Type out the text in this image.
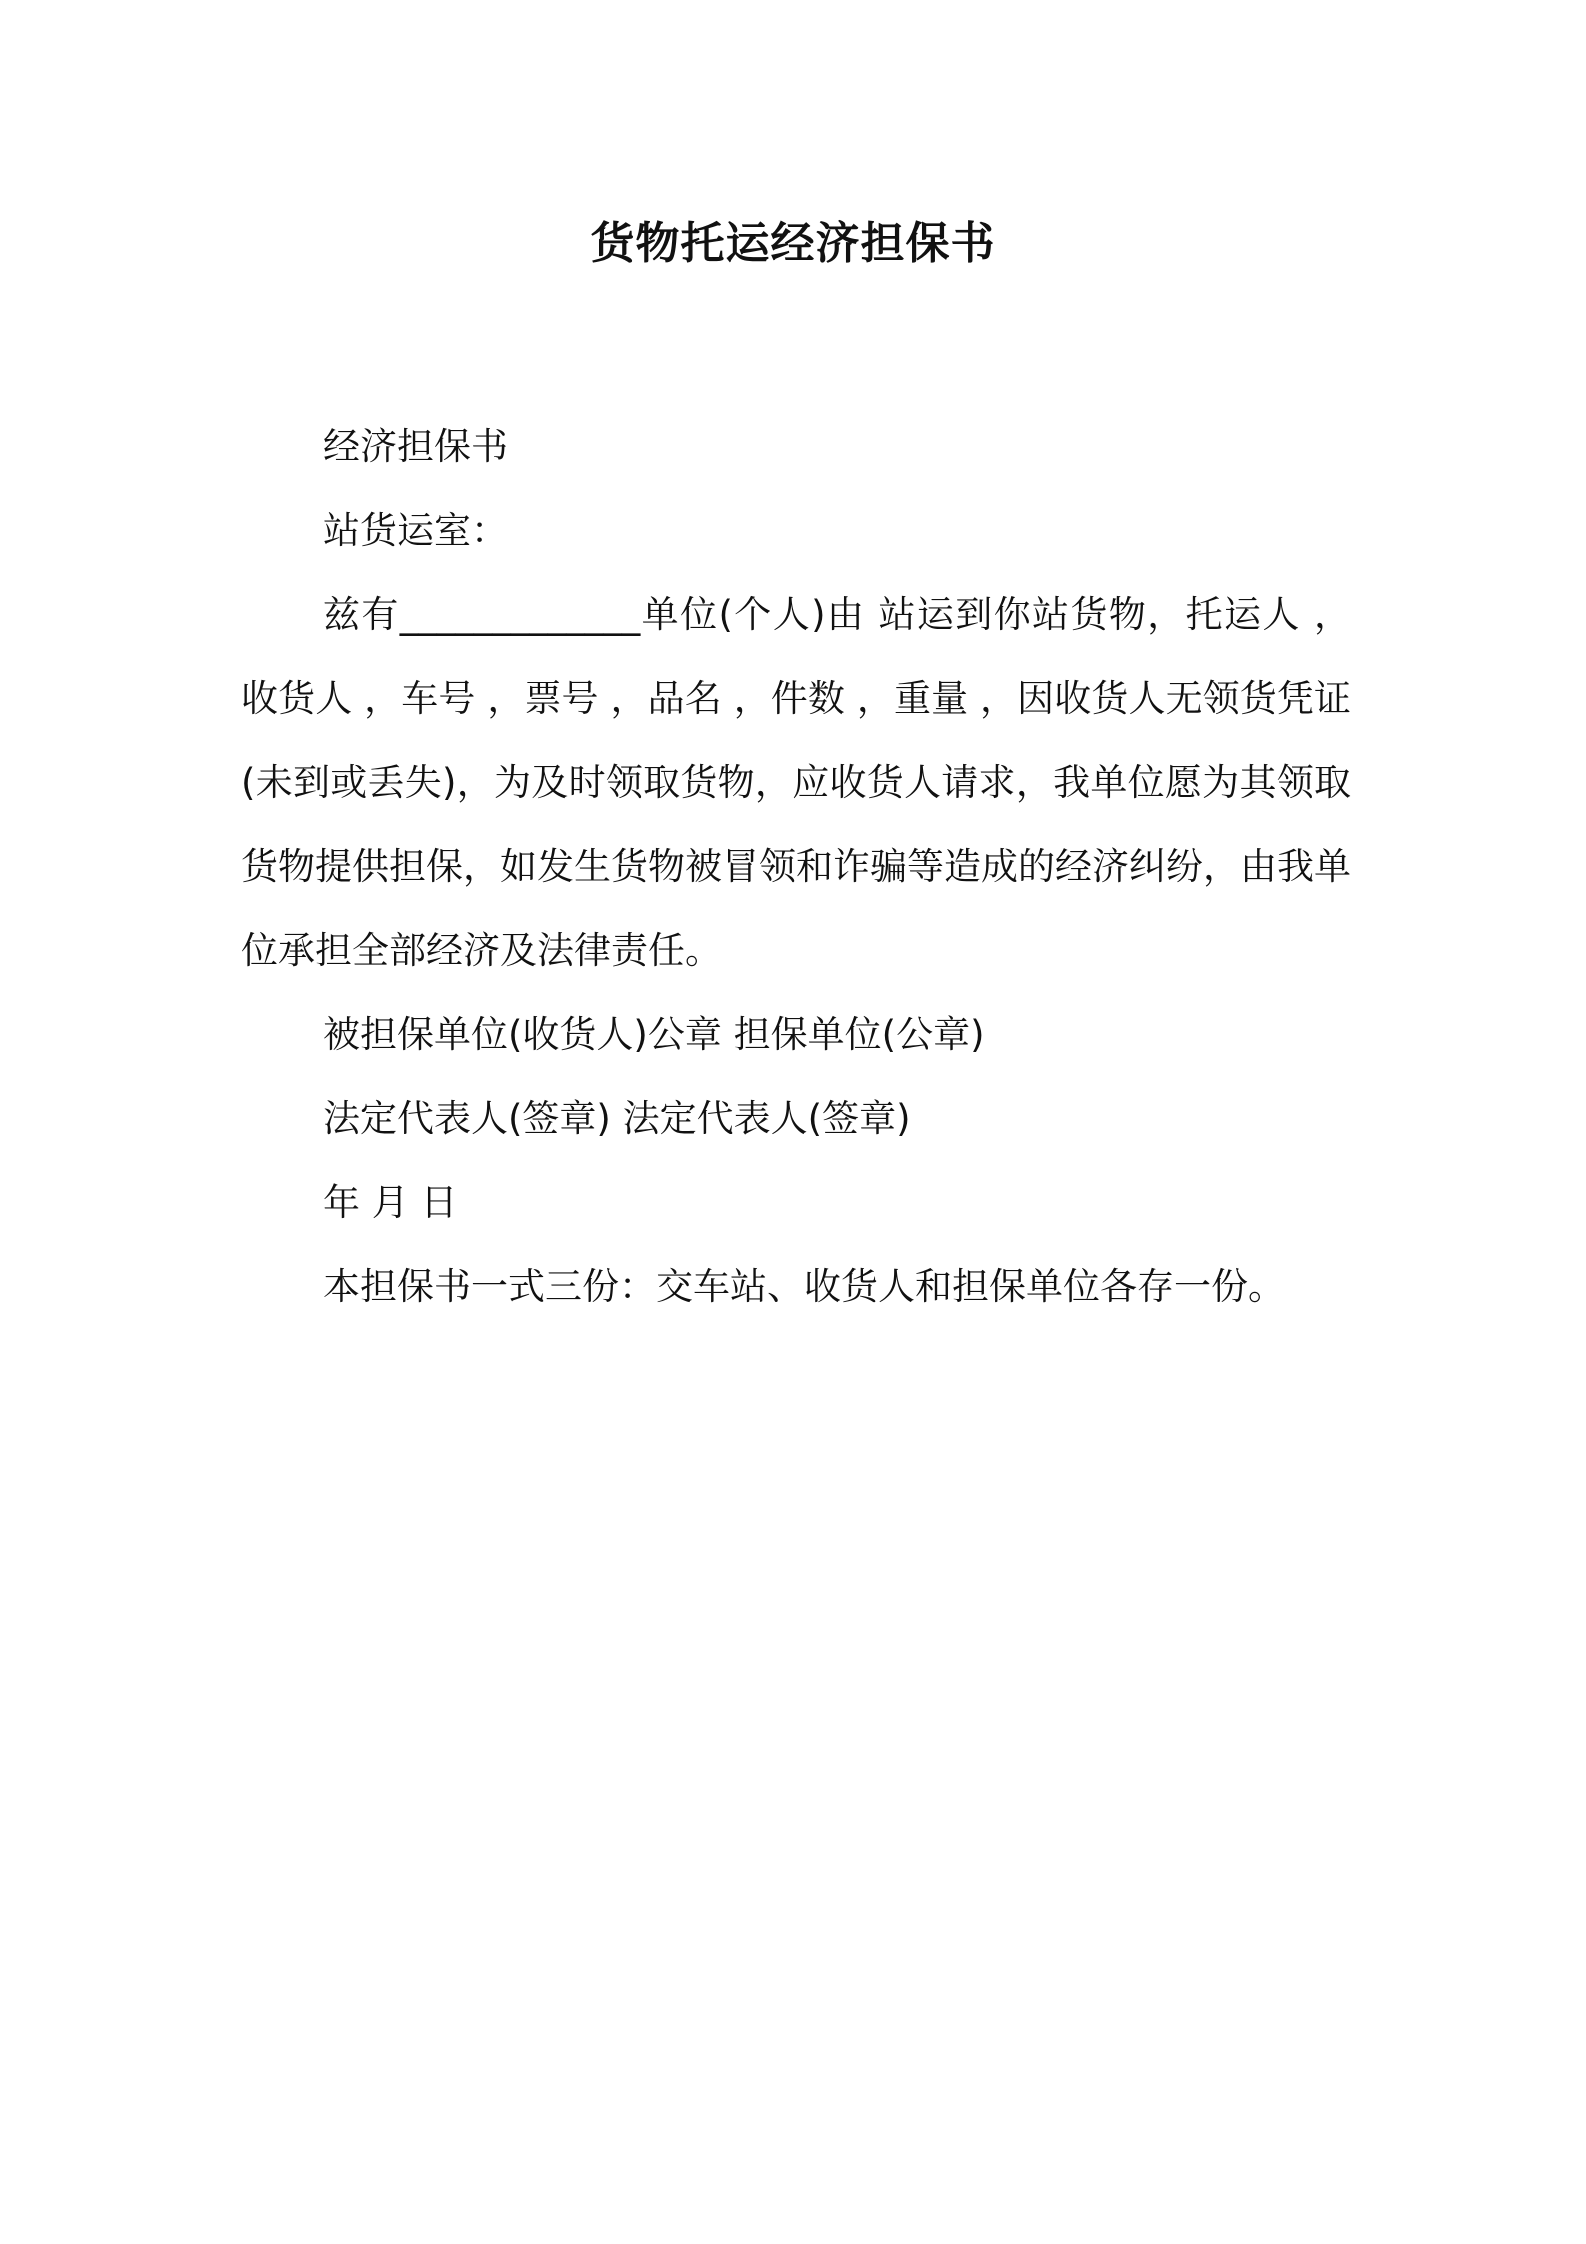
货物托运经济担保书

经济担保书

站货运室：

兹有_____________单位(个人)由 站运到你站货物，托运人 ，收货人 ，车号 ，票号 ，品名 ，件数 ，重量 ，因收货人无领货凭证(未到或丢失)，为及时领取货物，应收货人请求，我单位愿为其领取货物提供担保，如发生货物被冒领和诈骗等造成的经济纠纷，由我单位承担全部经济及法律责任。

被担保单位(收货人)公章 担保单位(公章)

法定代表人(签章) 法定代表人(签章)

年 月 日

本担保书一式三份：交车站、收货人和担保单位各存一份。
